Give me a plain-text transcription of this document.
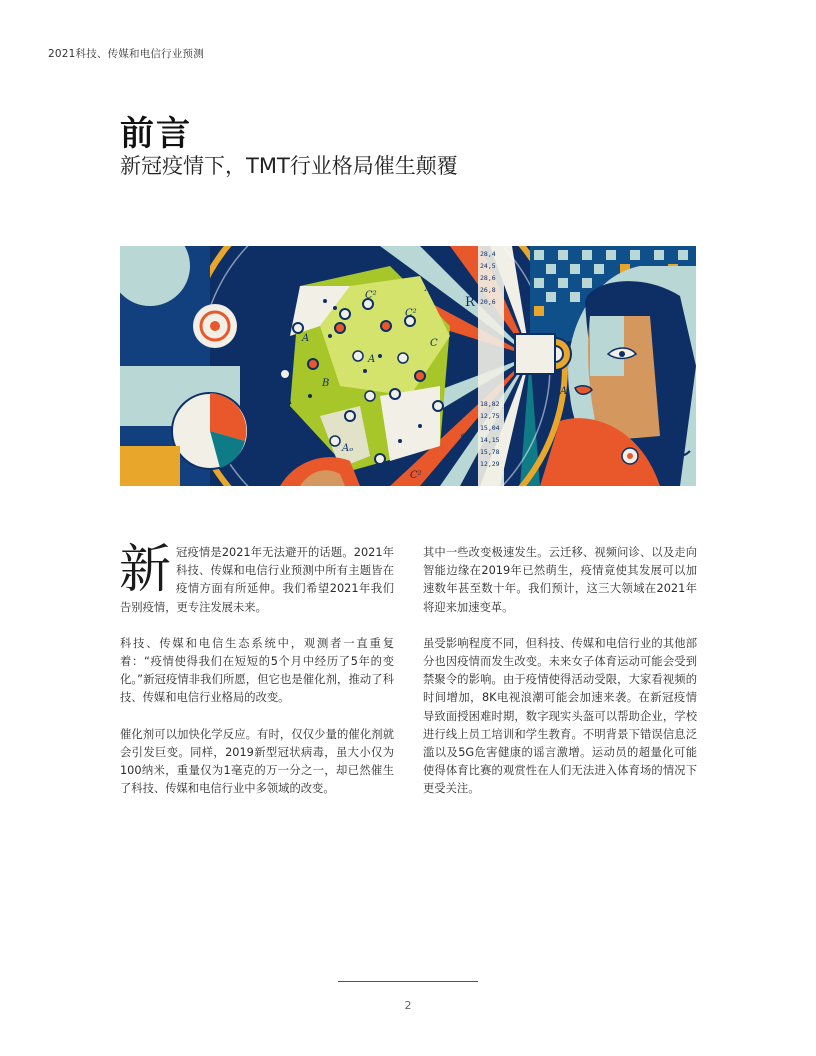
2021科技、传媒和电信行业预测
前言
新冠疫情下，TMT行业格局催生颠覆
28,4
24,5
28,6
26,8
20,6
18,82
12,75
15,04
14,15
15,78
12,29
C²
C²
C²
A
A
A
B
C
Aₒ
A
R
A
S

新冠疫情是2021年无法避开的话题。2021年科技、传媒和电信行业预测中所有主题皆在疫情方面有所延伸。我们希望2021年我们告别疫情，更专注发展未来。

科技、传媒和电信生态系统中，观测者一直重复着：“疫情使得我们在短短的5个月中经历了5年的变化。”新冠疫情非我们所愿，但它也是催化剂，推动了科技、传媒和电信行业格局的改变。

催化剂可以加快化学反应。有时，仅仅少量的催化剂就会引发巨变。同样，2019新型冠状病毒，虽大小仅为100纳米，重量仅为1毫克的万一分之一，却已然催生了科技、传媒和电信行业中多领域的改变。

其中一些改变极速发生。云迁移、视频问诊、以及走向智能边缘在2019年已然萌生，疫情竟使其发展可以加速数年甚至数十年。我们预计，这三大领域在2021年将迎来加速变革。

虽受影响程度不同，但科技、传媒和电信行业的其他部分也因疫情而发生改变。未来女子体育运动可能会受到禁聚令的影响。由于疫情使得活动受限，大家看视频的时间增加，8K电视浪潮可能会加速来袭。在新冠疫情导致面授困难时期，数字现实头盔可以帮助企业，学校进行线上员工培训和学生教育。不明背景下错误信息泛滥以及5G危害健康的谣言激增。运动员的超量化可能使得体育比赛的观赏性在人们无法进入体育场的情况下更受关注。

2
